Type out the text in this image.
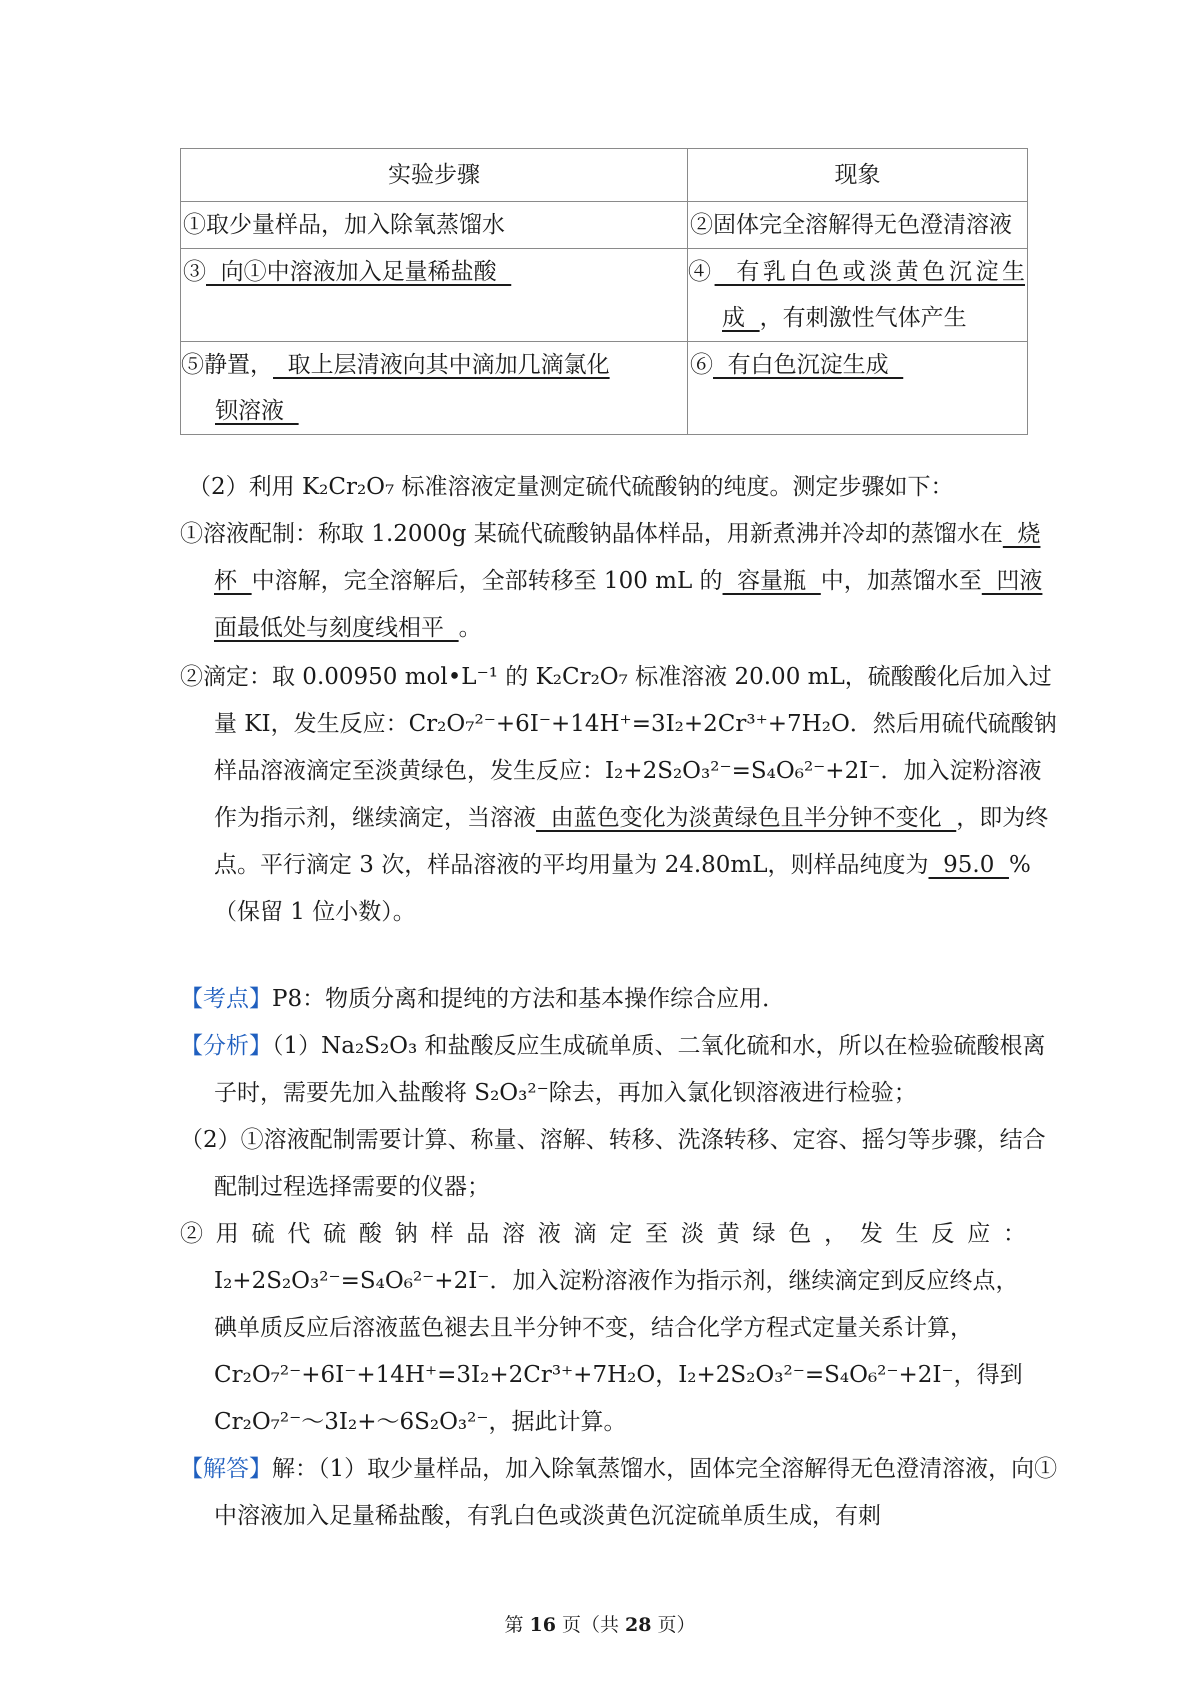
实验步骤	现象
①取少量样品，加入除氧蒸馏水	②固体完全溶解得无色澄清溶液
③  向①中溶液加入足量稀盐酸	④  有乳白色或淡黄色沉淀生
成  ，有刺激性气体产生
⑤静置，  取上层清液向其中滴加几滴氯化
钡溶液	⑥  有白色沉淀生成
（2）利用 K₂Cr₂O₇ 标准溶液定量测定硫代硫酸钠的纯度。测定步骤如下：
①溶液配制：称取 1.2000g 某硫代硫酸钠晶体样品，用新煮沸并冷却的蒸馏水在  烧杯  中溶解，完全溶解后，全部转移至 100 mL 的  容量瓶  中，加蒸馏水至  凹液面最低处与刻度线相平  。
②滴定：取 0.00950 mol•L⁻¹ 的 K₂Cr₂O₇ 标准溶液 20.00 mL，硫酸酸化后加入过量 KI，发生反应：Cr₂O₇²⁻+6I⁻+14H⁺=3I₂+2Cr³⁺+7H₂O．然后用硫代硫酸钠样品溶液滴定至淡黄绿色，发生反应：I₂+2S₂O₃²⁻=S₄O₆²⁻+2I⁻．加入淀粉溶液作为指示剂，继续滴定，当溶液  由蓝色变化为淡黄绿色且半分钟不变化  ，即为终点。平行滴定 3 次，样品溶液的平均用量为 24.80mL，则样品纯度为  95.0  %（保留 1 位小数）。
【考点】P8：物质分离和提纯的方法和基本操作综合应用．
【分析】（1）Na₂S₂O₃ 和盐酸反应生成硫单质、二氧化硫和水，所以在检验硫酸根离子时，需要先加入盐酸将 S₂O₃²⁻除去，再加入氯化钡溶液进行检验；
（2）①溶液配制需要计算、称量、溶解、转移、洗涤转移、定容、摇匀等步骤，结合配制过程选择需要的仪器；
② 用 硫 代 硫 酸 钠 样 品 溶 液 滴 定 至 淡 黄 绿 色 ， 发 生 反 应 ：
I₂+2S₂O₃²⁻=S₄O₆²⁻+2I⁻．加入淀粉溶液作为指示剂，继续滴定到反应终点，碘单质反应后溶液蓝色褪去且半分钟不变，结合化学方程式定量关系计算，Cr₂O₇²⁻+6I⁻+14H⁺=3I₂+2Cr³⁺+7H₂O，I₂+2S₂O₃²⁻=S₄O₆²⁻+2I⁻，得到 Cr₂O₇²⁻～3I₂+～6S₂O₃²⁻，据此计算。
【解答】解：（1）取少量样品，加入除氧蒸馏水，固体完全溶解得无色澄清溶液，向①中溶液加入足量稀盐酸，有乳白色或淡黄色沉淀硫单质生成，有刺
第 16 页（共 28 页）
